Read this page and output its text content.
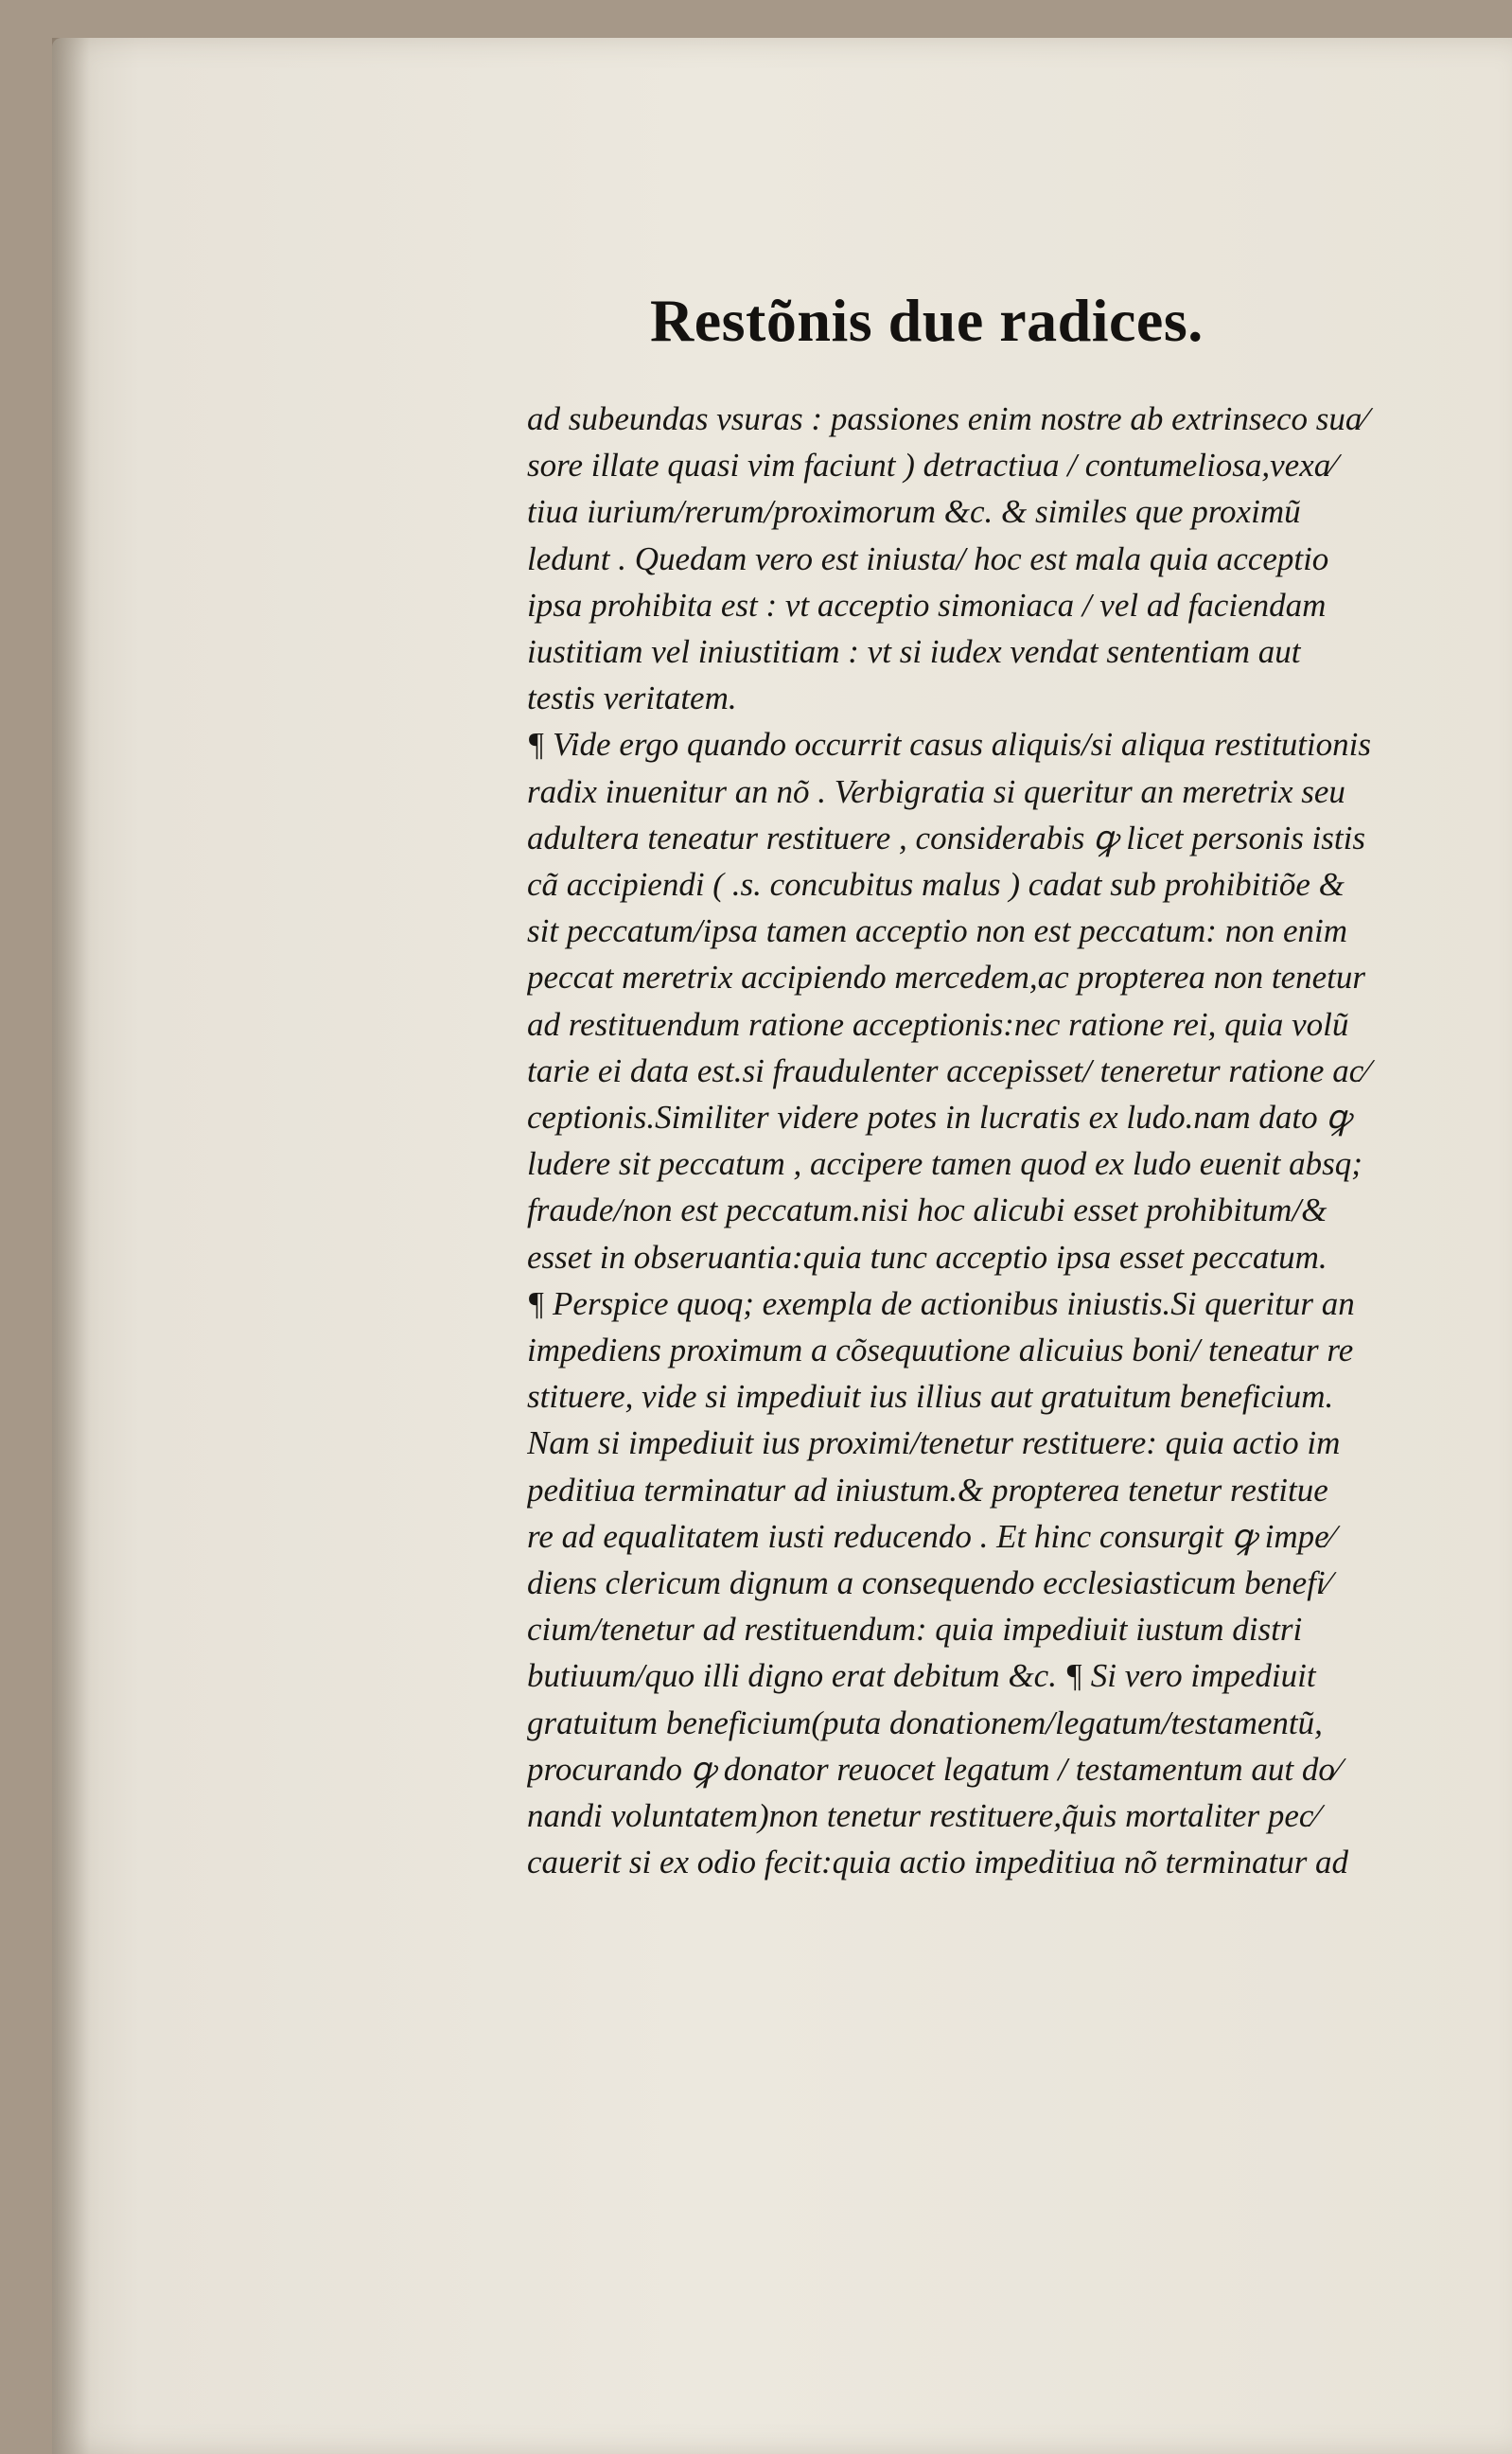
Restõnis due radices.
ad subeundas vsuras : passiones enim nostre ab extrinseco sua∕
sore illate quasi vim faciunt ) detractiua / contumeliosa,vexa∕
tiua iurium/rerum/proximorum &c. & similes que proximũ
ledunt . Quedam vero est iniusta/ hoc est mala quia acceptio
ipsa prohibita est : vt acceptio simoniaca / vel ad faciendam
iustitiam vel iniustitiam : vt si iudex vendat sententiam aut
testis veritatem.
¶ Vide ergo quando occurrit casus aliquis/si aliqua restitutionis
radix inuenitur an nõ . Verbigratia si queritur an meretrix seu
adultera teneatur restituere , considerabis ꝙ licet personis istis
cã accipiendi ( .s. concubitus malus ) cadat sub prohibitiõe &
sit peccatum/ipsa tamen acceptio non est peccatum: non enim
peccat meretrix accipiendo mercedem,ac propterea non tenetur
ad restituendum ratione acceptionis:nec ratione rei, quia volũ
tarie ei data est.si fraudulenter accepisset/ teneretur ratione ac∕
ceptionis.Similiter videre potes in lucratis ex ludo.nam dato ꝙ
ludere sit peccatum , accipere tamen quod ex ludo euenit absq;
fraude/non est peccatum.nisi hoc alicubi esset prohibitum/&
esset in obseruantia:quia tunc acceptio ipsa esset peccatum.
¶ Perspice quoq; exempla de actionibus iniustis.Si queritur an
impediens proximum a cõsequutione alicuius boni/ teneatur re
stituere, vide si impediuit ius illius aut gratuitum beneficium.
Nam si impediuit ius proximi/tenetur restituere: quia actio im
peditiua terminatur ad iniustum.& propterea tenetur restitue
re ad equalitatem iusti reducendo . Et hinc consurgit ꝙ impe∕
diens clericum dignum a consequendo ecclesiasticum benefi∕
cium/tenetur ad restituendum: quia impediuit iustum distri
butiuum/quo illi digno erat debitum &c. ¶ Si vero impediuit
gratuitum beneficium(puta donationem/legatum/testamentũ,
procurando ꝙ donator reuocet legatum / testamentum aut do∕
nandi voluntatem)non tenetur restituere,q̃uis mortaliter pec∕
cauerit si ex odio fecit:quia actio impeditiua nõ terminatur ad
